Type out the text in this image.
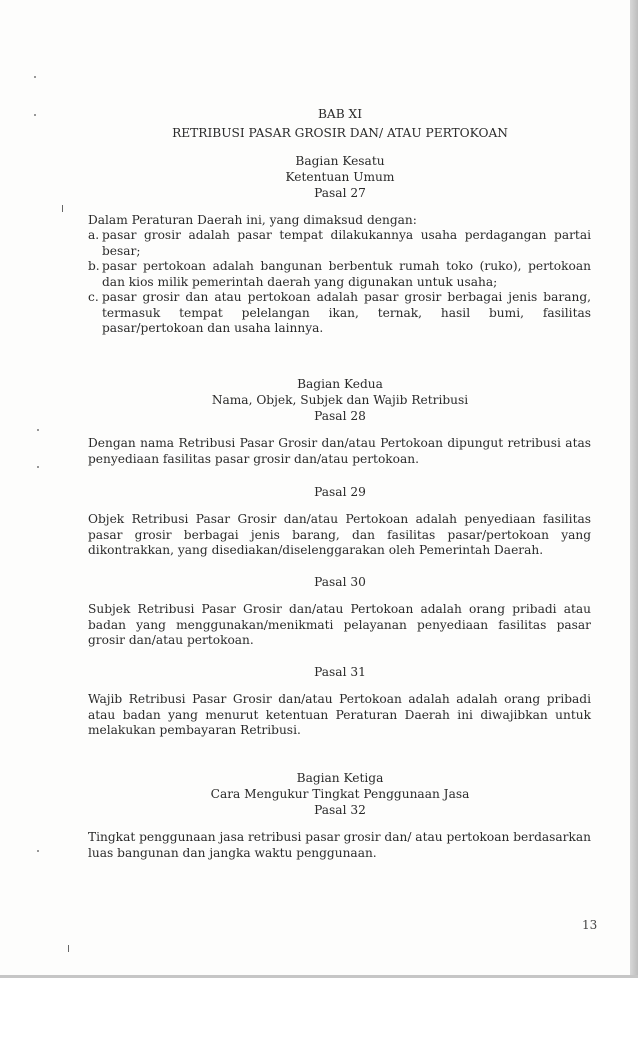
BAB XI
RETRIBUSI PASAR GROSIR DAN/ ATAU PERTOKOAN
Bagian Kesatu
Ketentuan Umum
Pasal 27
Dalam Peraturan Daerah ini, yang dimaksud dengan:
a. pasar grosir adalah pasar tempat dilakukannya usaha perdagangan partai besar;
b. pasar pertokoan adalah bangunan berbentuk rumah toko (ruko), pertokoan dan kios milik pemerintah daerah yang digunakan untuk usaha;
c. pasar grosir dan atau pertokoan adalah pasar grosir berbagai jenis barang, termasuk tempat pelelangan ikan, ternak, hasil bumi, fasilitas pasar/pertokoan dan usaha lainnya.
Bagian Kedua
Nama, Objek, Subjek dan Wajib Retribusi
Pasal 28
Dengan nama Retribusi Pasar Grosir dan/atau Pertokoan dipungut retribusi atas penyediaan fasilitas pasar grosir dan/atau pertokoan.
Pasal 29
Objek Retribusi Pasar Grosir dan/atau Pertokoan adalah penyediaan fasilitas pasar grosir berbagai jenis barang, dan fasilitas pasar/pertokoan yang dikontrakkan, yang disediakan/diselenggarakan oleh Pemerintah Daerah.
Pasal 30
Subjek Retribusi Pasar Grosir dan/atau Pertokoan adalah orang pribadi atau badan yang menggunakan/menikmati pelayanan penyediaan fasilitas pasar grosir dan/atau pertokoan.
Pasal 31
Wajib Retribusi Pasar Grosir dan/atau Pertokoan adalah adalah orang pribadi atau badan yang menurut ketentuan Peraturan Daerah ini diwajibkan untuk melakukan pembayaran Retribusi.
Bagian Ketiga
Cara Mengukur Tingkat Penggunaan Jasa
Pasal 32
Tingkat penggunaan jasa retribusi pasar grosir dan/ atau pertokoan berdasarkan luas bangunan dan jangka waktu penggunaan.
13
